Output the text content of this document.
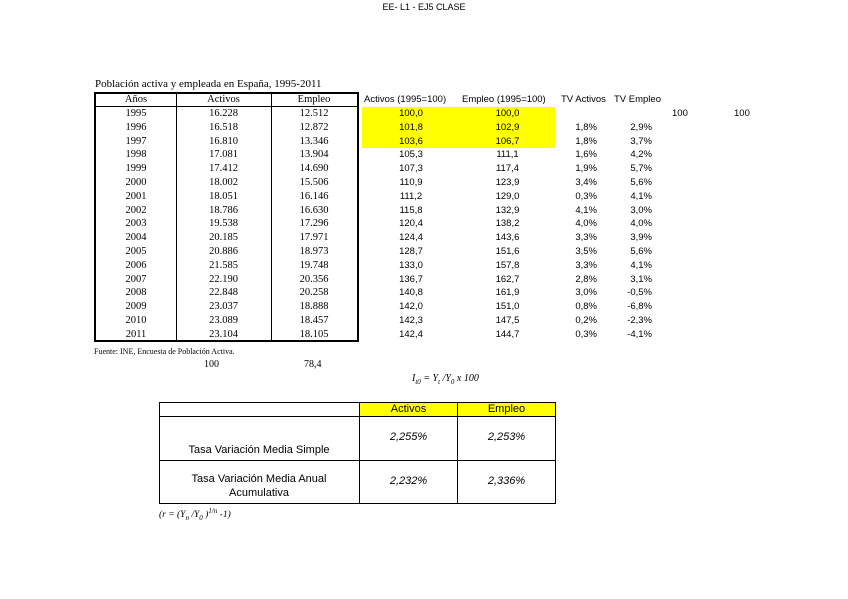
EE- L1 - EJ5 CLASE
Población activa y empleada en España, 1995-2011
Años	Activos	Empleo
1995	16.228	12.512
1996	16.518	12.872
1997	16.810	13.346
1998	17.081	13.904
1999	17.412	14.690
2000	18.002	15.506
2001	18.051	16.146
2002	18.786	16.630
2003	19.538	17.296
2004	20.185	17.971
2005	20.886	18.973
2006	21.585	19.748
2007	22.190	20.356
2008	22.848	20.258
2009	23.037	18.888
2010	23.089	18.457
2011	23.104	18.105
Activos (1995=100) Empleo (1995=100) TV Activos TV Empleo
100,0	100,0
101,8	102,9	1,8%	2,9%
103,6	106,7	1,8%	3,7%
105,3	111,1	1,6%	4,2%
107,3	117,4	1,9%	5,7%
110,9	123,9	3,4%	5,6%
111,2	129,0	0,3%	4,1%
115,8	132,9	4,1%	3,0%
120,4	138,2	4,0%	4,0%
124,4	143,6	3,3%	3,9%
128,7	151,6	3,5%	5,6%
133,0	157,8	3,3%	4,1%
136,7	162,7	2,8%	3,1%
140,8	161,9	3,0%	-0,5%
142,0	151,0	0,8%	-6,8%
142,3	147,5	0,2%	-2,3%
142,4	144,7	0,3%	-4,1%
100	100
Fuente: INE, Encuesta de Población Activa.
100	78,4
$I_{t0} = Y_t$ $/Y_0$ x 100
Activos	Empleo
Tasa Variación Media Simple
2,255%	2,253%
Tasa Variación Media Anual
Acumulativa
2,232%	2,336%
($r = (Y_n$ $/Y_0$ )$^{1/n}$ -1)
